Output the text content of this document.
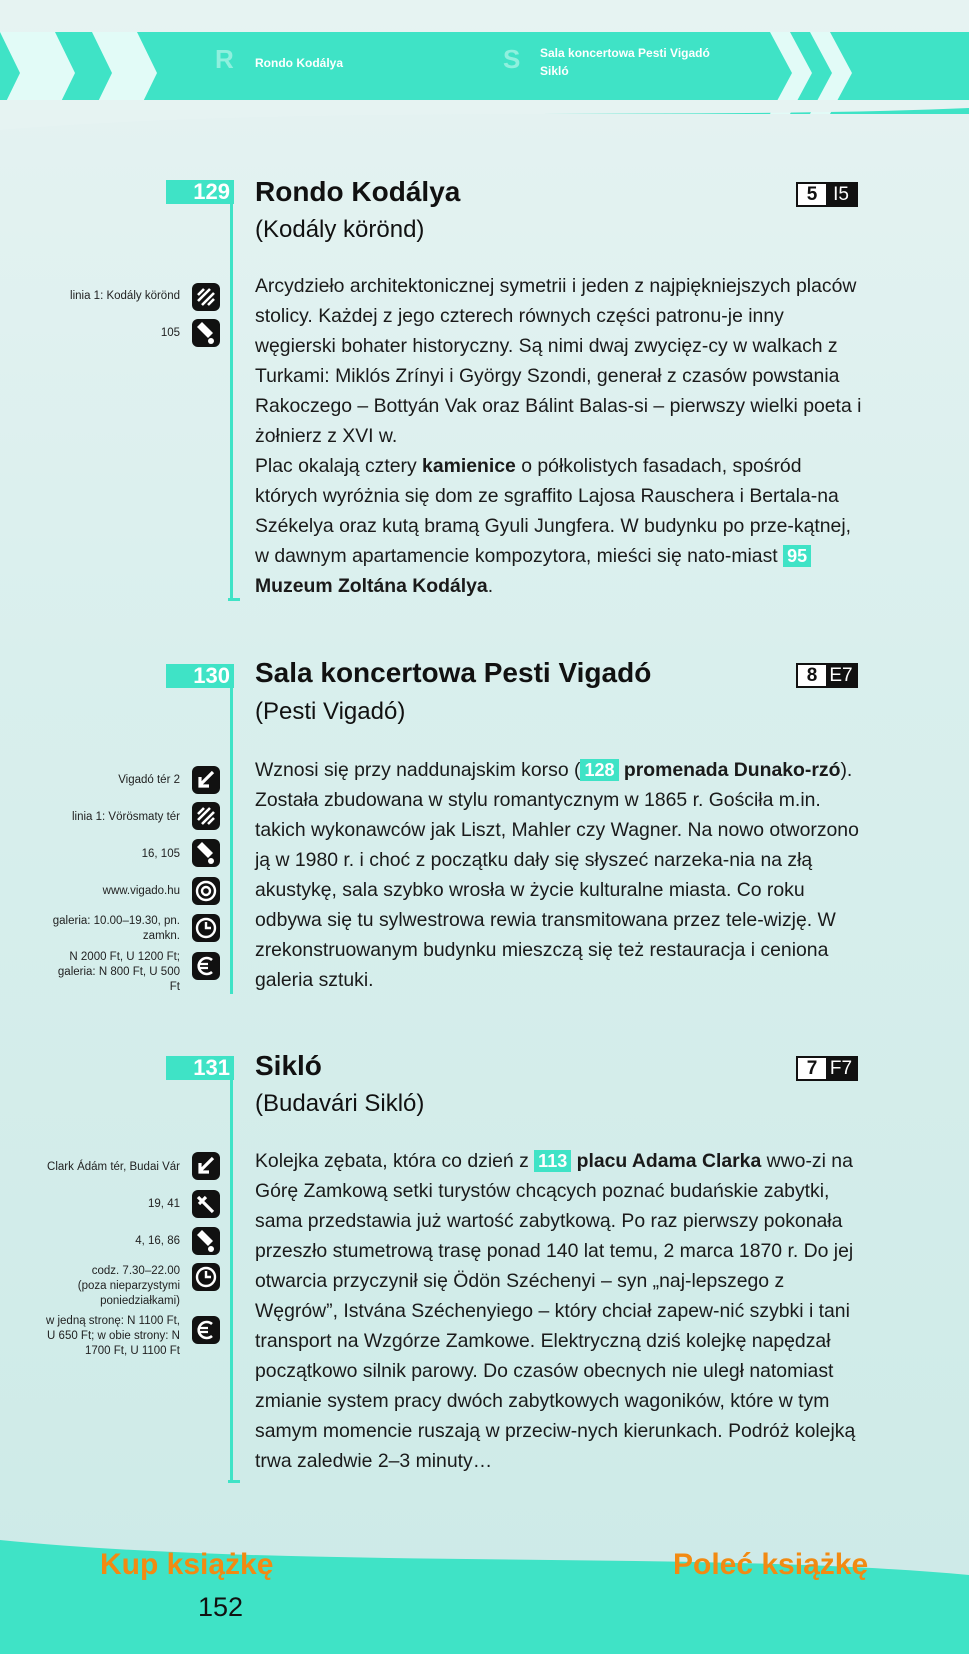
R Rondo Kodálya	S Sala koncertowa Pesti Vigadó
Sikló
129 Rondo Kodálya
(Kodály körönd)
5 I5
linia 1: Kodály körönd
105
Arcydzieło architektonicznej symetrii i jeden z najpiękniejszych placów stolicy. Każdej z jego czterech równych części patronu-je inny węgierski bohater historyczny. Są nimi dwaj zwycięz-cy w walkach z Turkami: Miklós Zrínyi i György Szondi, generał z czasów powstania Rakoczego – Bottyán Vak oraz Bálint Balas-si – pierwszy wielki poeta i żołnierz z XVI w.
Plac okalają cztery kamienice o półkolistych fasadach, spośród których wyróżnia się dom ze sgraffito Lajosa Rauschera i Bertala-na Székelya oraz kutą bramą Gyuli Jungfera. W budynku po prze-kątnej, w dawnym apartamencie kompozytora, mieści się nato-miast 95 Muzeum Zoltána Kodálya.
130 Sala koncertowa Pesti Vigadó
(Pesti Vigadó)
8 E7
Vigadó tér 2
linia 1: Vörösmaty tér
16, 105
www.vigado.hu
galeria: 10.00–19.30, pn. zamkn.
N 2000 Ft, U 1200 Ft; galeria: N 800 Ft, U 500 Ft
Wznosi się przy naddunajskim korso ( 128 promenada Dunako-rzó). Została zbudowana w stylu romantycznym w 1865 r. Gościła m.in. takich wykonawców jak Liszt, Mahler czy Wagner. Na nowo otworzono ją w 1980 r. i choć z początku dały się słyszeć narzeka-nia na złą akustykę, sala szybko wrosła w życie kulturalne miasta. Co roku odbywa się tu sylwestrowa rewia transmitowana przez tele-wizję. W zrekonstruowanym budynku mieszczą się też restauracja i ceniona galeria sztuki.
131 Sikló
(Budavári Sikló)
7 F7
Clark Ádám tér, Budai Vár
19, 41
4, 16, 86
codz. 7.30–22.00 (poza nieparzystymi poniedziałkami)
w jedną stronę: N 1100 Ft, U 650 Ft; w obie strony: N 1700 Ft, U 1100 Ft
Kolejka zębata, która co dzień z 113 placu Adama Clarka wwo-zi na Górę Zamkową setki turystów chcących poznać budańskie zabytki, sama przedstawia już wartość zabytkową. Po raz pierwszy pokonała przeszło stumetrową trasę ponad 140 lat temu, 2 marca 1870 r. Do jej otwarcia przyczynił się Ödön Széchenyi – syn „naj-lepszego z Węgrów”, Istvána Széchenyiego – który chciał zapew-nić szybki i tani transport na Wzgórze Zamkowe. Elektryczną dziś kolejkę napędzał początkowo silnik parowy. Do czasów obecnych nie uległ natomiast zmianie system pracy dwóch zabytkowych wagoników, które w tym samym momencie ruszają w przeciw-nych kierunkach. Podróż kolejką trwa zaledwie 2–3 minuty…
Kup książkę	Poleć książkę
152
